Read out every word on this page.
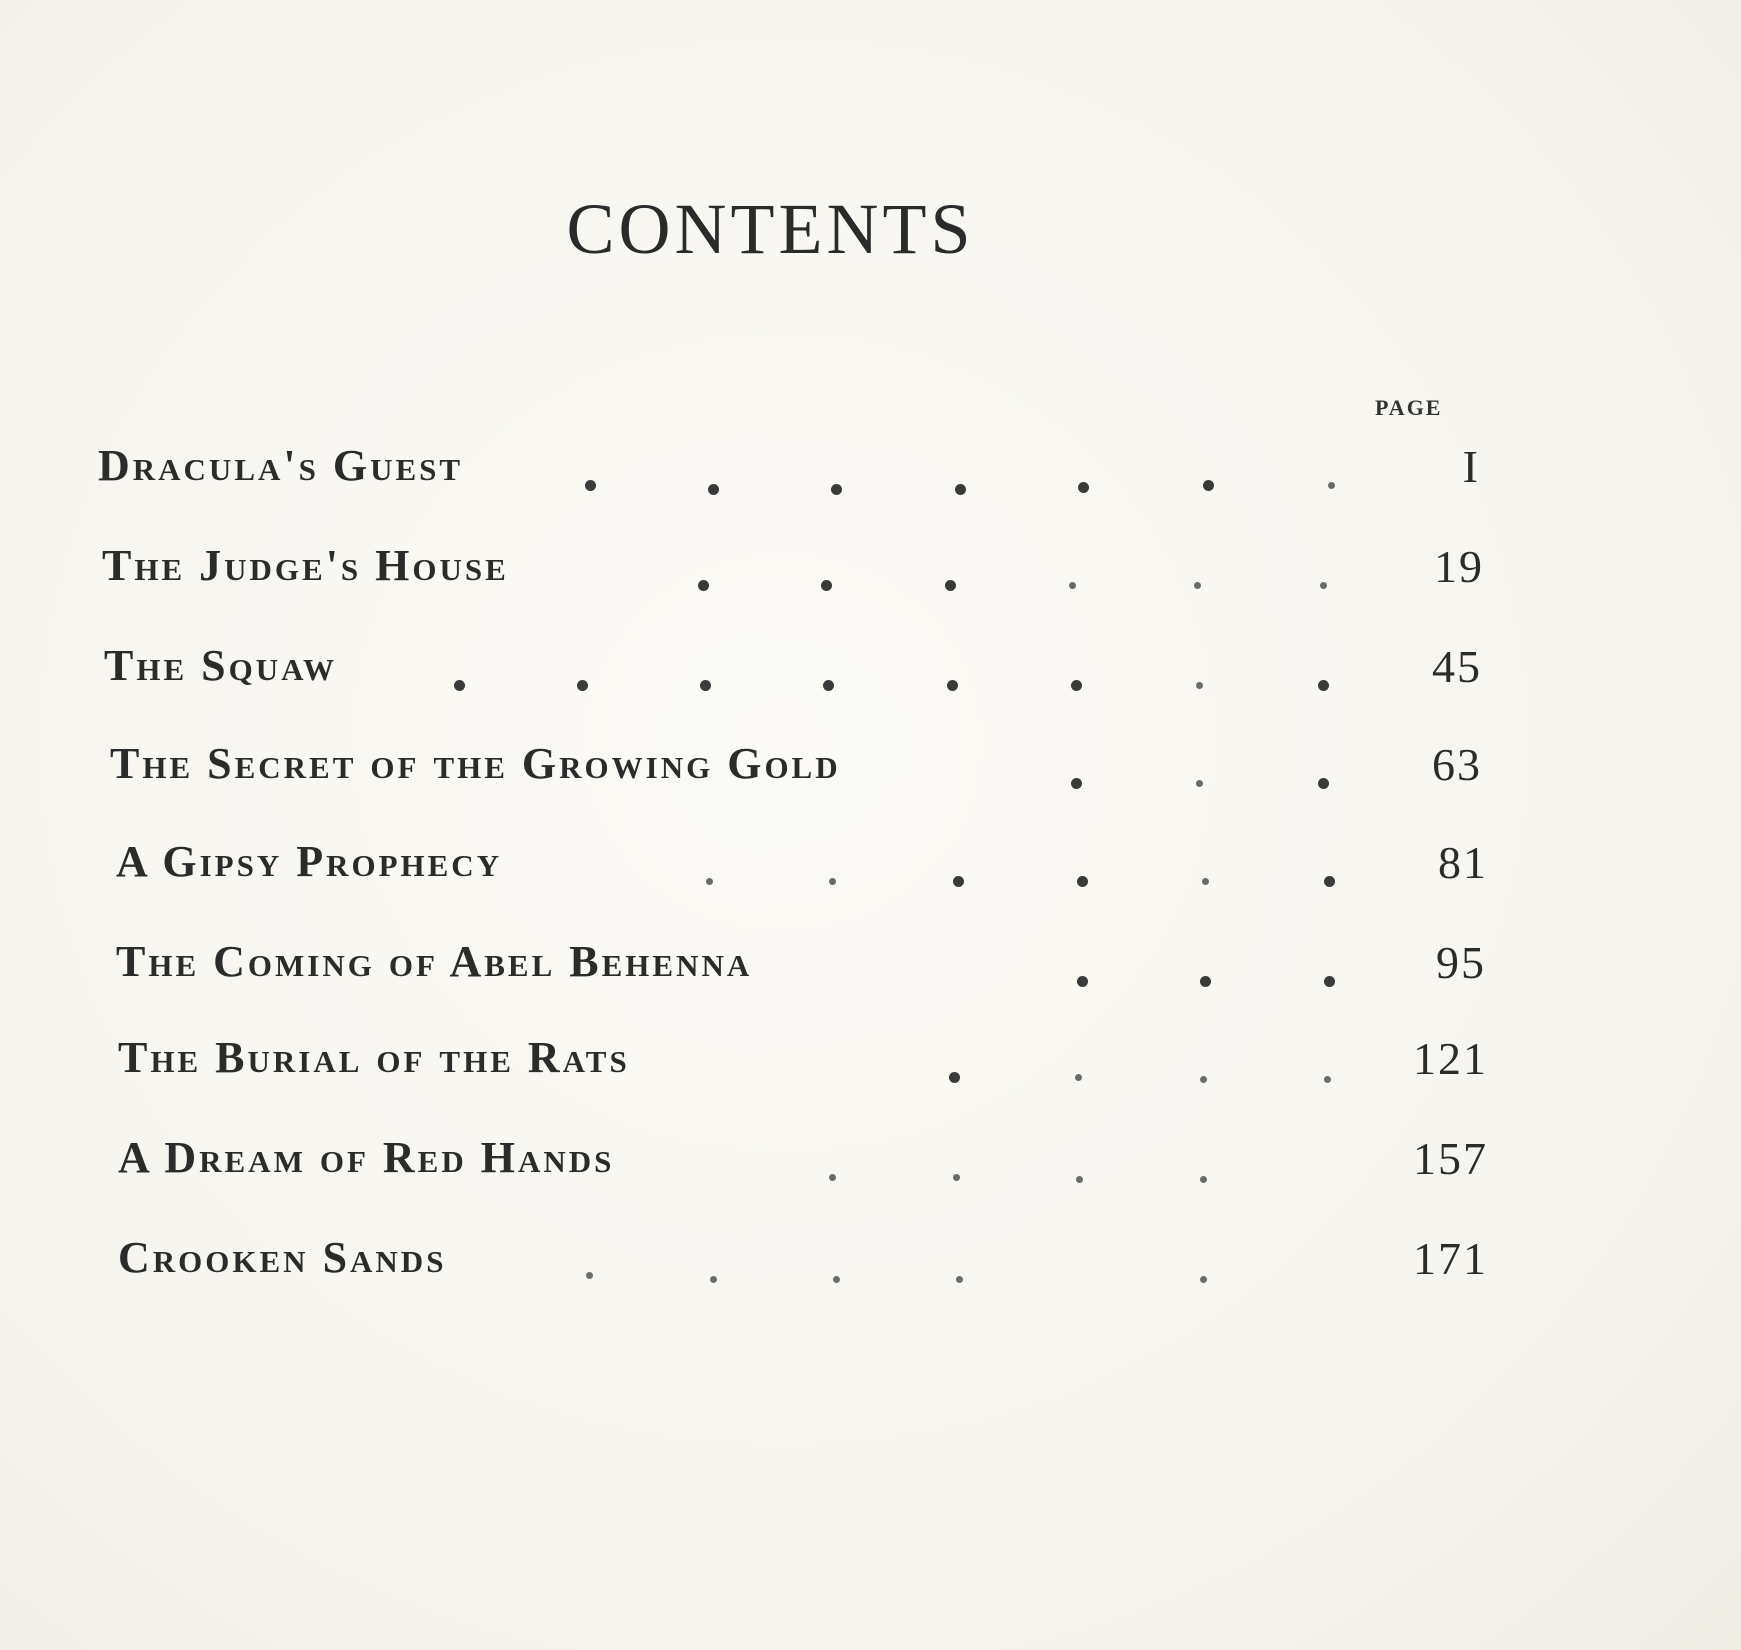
CONTENTS
PAGE
Dracula's Guest	I
The Judge's House	19
The Squaw	45
The Secret of the Growing Gold	63
A Gipsy Prophecy	81
The Coming of Abel Behenna	95
The Burial of the Rats	121
A Dream of Red Hands	157
Crooken Sands	171
